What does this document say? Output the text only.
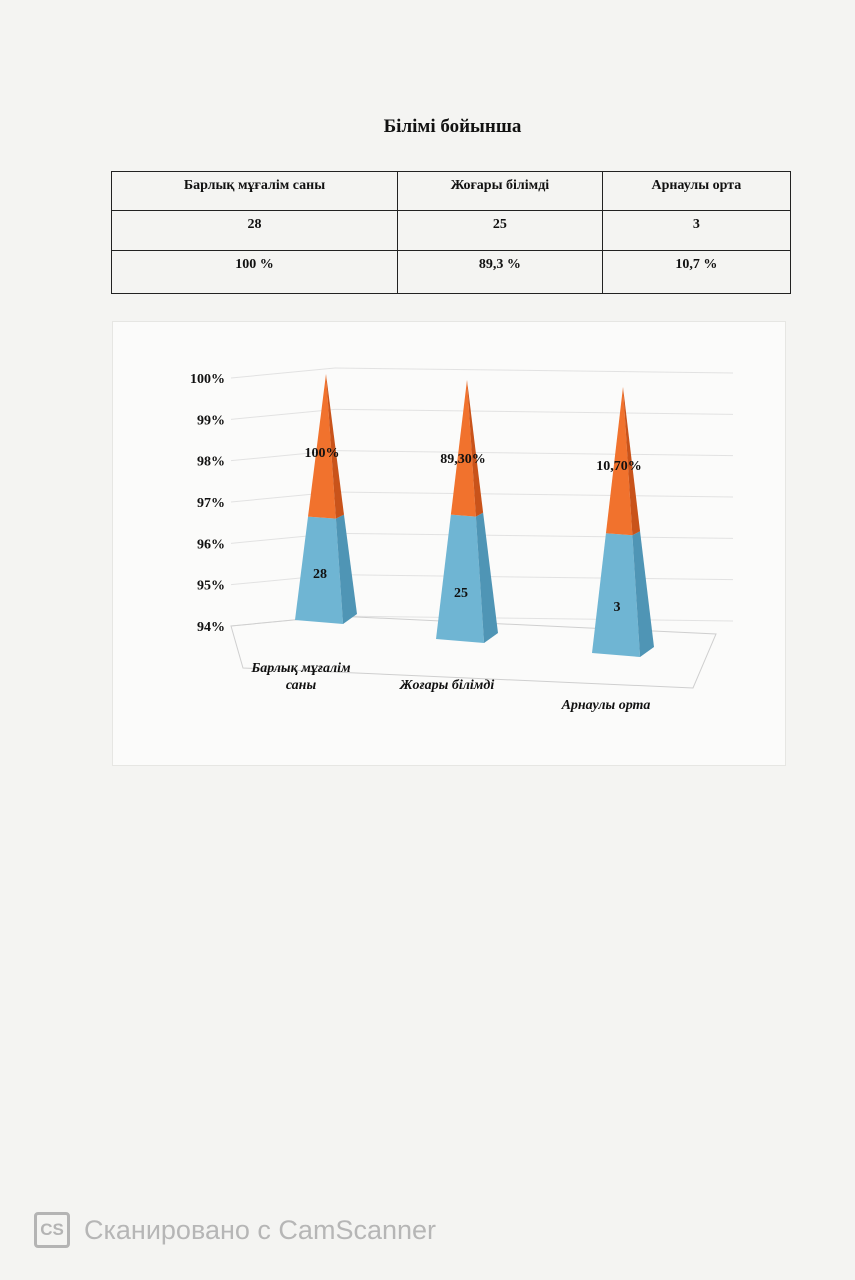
Білімі бойынша
Барлық мұғалім саны	Жоғары білімді	Арнаулы орта
28	25	3
100 %	89,3 %	10,7 %
94%
95%
96%
97%
98%
99%
100%
100%
28
Барлық мұғалім
саны
89,30%
25
Жоғары білімді
10,70%
3
Арнаулы орта
CS Сканировано с CamScanner
